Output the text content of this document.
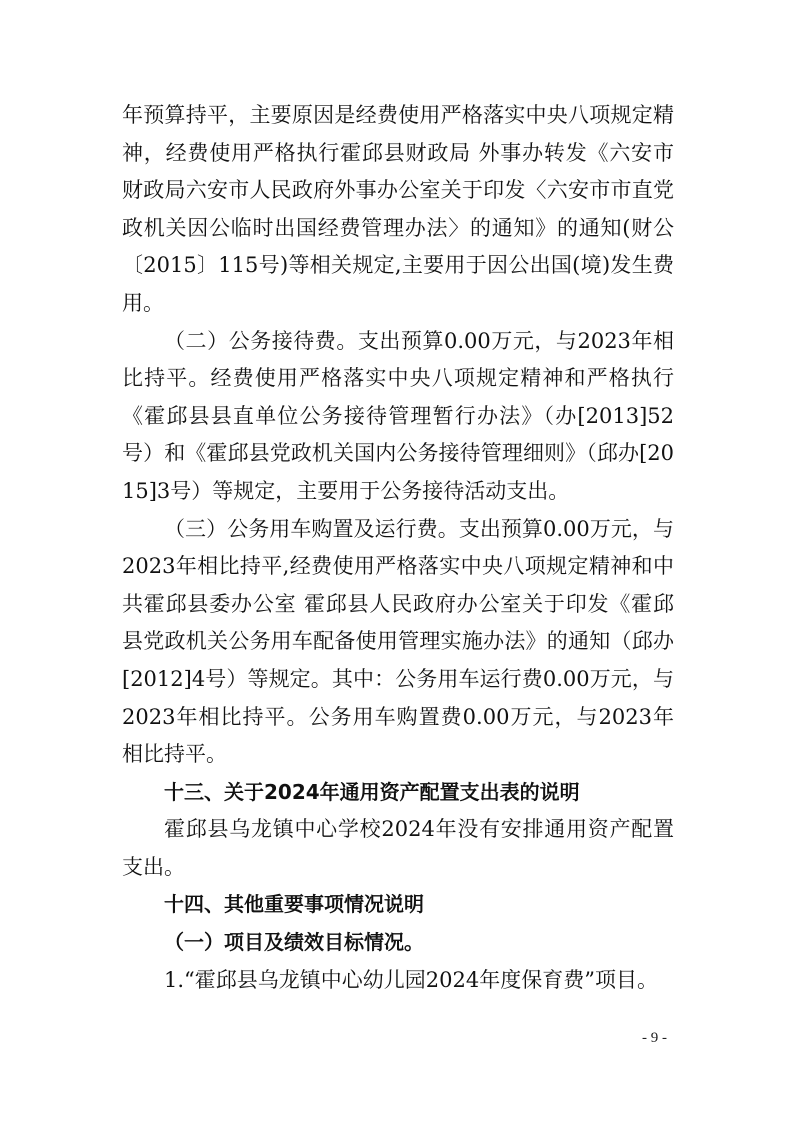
年预算持平，主要原因是经费使用严格落实中央八项规定精神，经费使用严格执行霍邱县财政局 外事办转发《六安市财政局六安市人民政府外事办公室关于印发〈六安市市直党政机关因公临时出国经费管理办法〉的通知》的通知(财公〔2015〕115号)等相关规定,主要用于因公出国(境)发生费用。

（二）公务接待费。支出预算0.00万元，与2023年相比持平。经费使用严格落实中央八项规定精神和严格执行《霍邱县县直单位公务接待管理暂行办法》（办[2013]52号）和《霍邱县党政机关国内公务接待管理细则》（邱办[2015]3号）等规定，主要用于公务接待活动支出。

（三）公务用车购置及运行费。支出预算0.00万元，与2023年相比持平,经费使用严格落实中央八项规定精神和中共霍邱县委办公室 霍邱县人民政府办公室关于印发《霍邱县党政机关公务用车配备使用管理实施办法》的通知（邱办[2012]4号）等规定。其中：公务用车运行费0.00万元，与2023年相比持平。公务用车购置费0.00万元，与2023年相比持平。

十三、关于2024年通用资产配置支出表的说明

霍邱县乌龙镇中心学校2024年没有安排通用资产配置支出。

十四、其他重要事项情况说明

（一）项目及绩效目标情况。

1.“霍邱县乌龙镇中心幼儿园2024年度保育费”项目。

- 9 -
